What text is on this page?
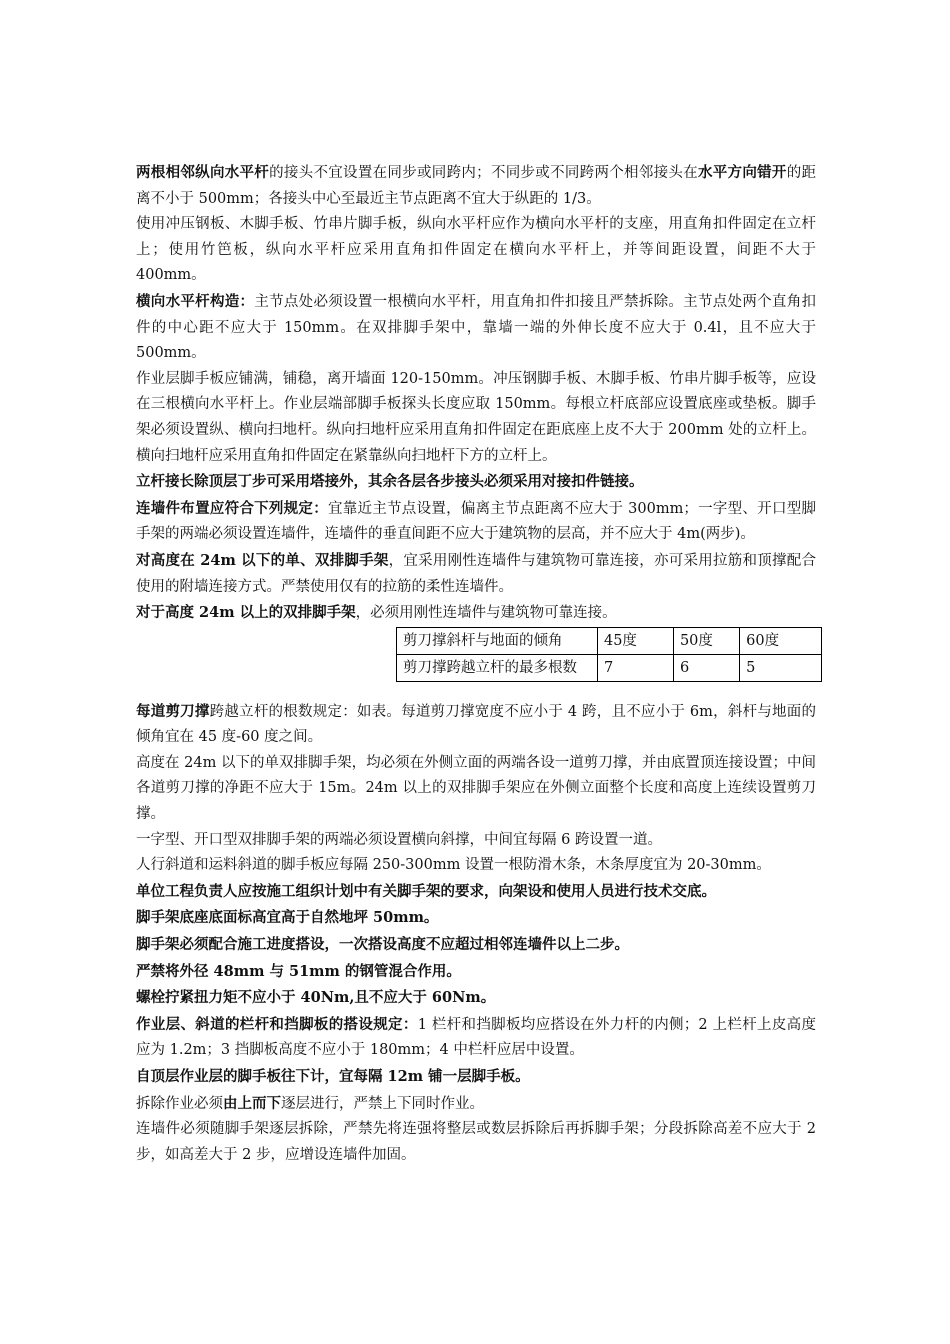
两根相邻纵向水平杆的接头不宜设置在同步或同跨内；不同步或不同跨两个相邻接头在水平方向错开的距离不小于 500mm；各接头中心至最近主节点距离不宜大于纵距的 1/3。

使用冲压钢板、木脚手板、竹串片脚手板，纵向水平杆应作为横向水平杆的支座，用直角扣件固定在立杆上；使用竹笆板，纵向水平杆应采用直角扣件固定在横向水平杆上，并等间距设置，间距不大于 400mm。

横向水平杆构造：主节点处必须设置一根横向水平杆，用直角扣件扣接且严禁拆除。主节点处两个直角扣件的中心距不应大于 150mm。在双排脚手架中，靠墙一端的外伸长度不应大于 0.4l，且不应大于 500mm。

作业层脚手板应铺满，铺稳，离开墙面 120-150mm。冲压钢脚手板、木脚手板、竹串片脚手板等，应设在三根横向水平杆上。作业层端部脚手板探头长度应取 150mm。每根立杆底部应设置底座或垫板。脚手架必须设置纵、横向扫地杆。纵向扫地杆应采用直角扣件固定在距底座上皮不大于 200mm 处的立杆上。横向扫地杆应采用直角扣件固定在紧靠纵向扫地杆下方的立杆上。

立杆接长除顶层丁步可采用塔接外，其余各层各步接头必须采用对接扣件链接。

连墙件布置应符合下列规定：宜靠近主节点设置，偏离主节点距离不应大于 300mm；一字型、开口型脚手架的两端必须设置连墙件，连墙件的垂直间距不应大于建筑物的层高，并不应大于 4m(两步)。

对高度在 24m 以下的单、双排脚手架，宜采用刚性连墙件与建筑物可靠连接，亦可采用拉筋和顶撑配合使用的附墙连接方式。严禁使用仅有的拉筋的柔性连墙件。

对于高度 24m 以上的双排脚手架，必须用刚性连墙件与建筑物可靠连接。

剪刀撑斜杆与地面的倾角	45度	50度	60度
剪刀撑跨越立杆的最多根数	7	6	5

每道剪刀撑跨越立杆的根数规定：如表。每道剪刀撑宽度不应小于 4 跨，且不应小于 6m，斜杆与地面的倾角宜在 45 度-60 度之间。

高度在 24m 以下的单双排脚手架，均必须在外侧立面的两端各设一道剪刀撑，并由底置顶连接设置；中间各道剪刀撑的净距不应大于 15m。24m 以上的双排脚手架应在外侧立面整个长度和高度上连续设置剪刀撑。

一字型、开口型双排脚手架的两端必须设置横向斜撑，中间宜每隔 6 跨设置一道。

人行斜道和运料斜道的脚手板应每隔 250-300mm 设置一根防滑木条，木条厚度宜为 20-30mm。

单位工程负责人应按施工组织计划中有关脚手架的要求，向架设和使用人员进行技术交底。

脚手架底座底面标高宜高于自然地坪 50mm。

脚手架必须配合施工进度搭设，一次搭设高度不应超过相邻连墙件以上二步。

严禁将外径 48mm 与 51mm 的钢管混合作用。

螺栓拧紧扭力矩不应小于 40Nm,且不应大于 60Nm。

作业层、斜道的栏杆和挡脚板的搭设规定：1 栏杆和挡脚板均应搭设在外力杆的内侧；2 上栏杆上皮高度应为 1.2m；3 挡脚板高度不应小于 180mm；4 中栏杆应居中设置。

自顶层作业层的脚手板往下计，宜每隔 12m 铺一层脚手板。

拆除作业必须由上而下逐层进行，严禁上下同时作业。

连墙件必须随脚手架逐层拆除，严禁先将连强将整层或数层拆除后再拆脚手架；分段拆除高差不应大于 2 步，如高差大于 2 步，应增设连墙件加固。
